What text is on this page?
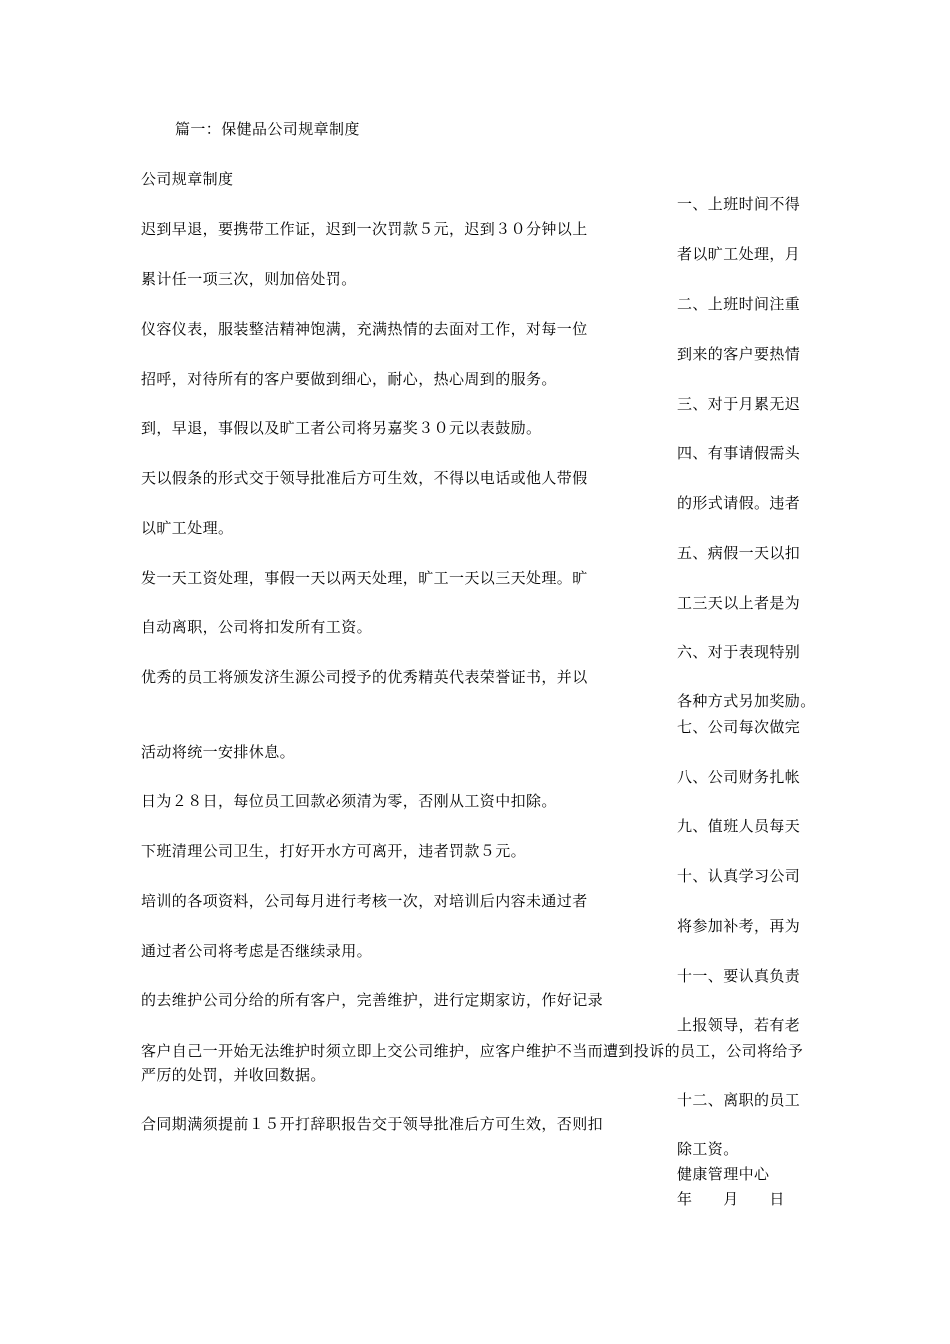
篇一：保健品公司规章制度
公司规章制度
一、上班时间不得
者以旷工处理，月
二、上班时间注重
到来的客户要热情
三、对于月累无迟
四、有事请假需头
的形式请假。违者
五、病假一天以扣
工三天以上者是为
六、对于表现特别
各种方式另加奖励。
七、公司每次做完
八、公司财务扎帐
九、值班人员每天
十、认真学习公司
将参加补考，再为
十一、要认真负责
上报领导，若有老
十二、离职的员工
除工资。
健康管理中心
年　　月　　日
迟到早退，要携带工作证，迟到一次罚款５元，迟到３０分钟以上
累计任一项三次，则加倍处罚。
仪容仪表，服装整洁精神饱满，充满热情的去面对工作，对每一位
招呼，对待所有的客户要做到细心，耐心，热心周到的服务。
到，早退，事假以及旷工者公司将另嘉奖３０元以表鼓励。
天以假条的形式交于领导批准后方可生效，不得以电话或他人带假
以旷工处理。
发一天工资处理，事假一天以两天处理，旷工一天以三天处理。旷
自动离职，公司将扣发所有工资。
优秀的员工将颁发济生源公司授予的优秀精英代表荣誉证书，并以
活动将统一安排休息。
日为２８日，每位员工回款必须清为零，否刚从工资中扣除。
下班清理公司卫生，打好开水方可离开，违者罚款５元。
培训的各项资料，公司每月进行考核一次，对培训后内容未通过者
通过者公司将考虑是否继续录用。
的去维护公司分给的所有客户，完善维护，进行定期家访，作好记录
客户自己一开始无法维护时须立即上交公司维护，应客户维护不当而遭到投诉的员工，公司将给予严厉的处罚，并收回数据。
合同期满须提前１５开打辞职报告交于领导批准后方可生效，否则扣
